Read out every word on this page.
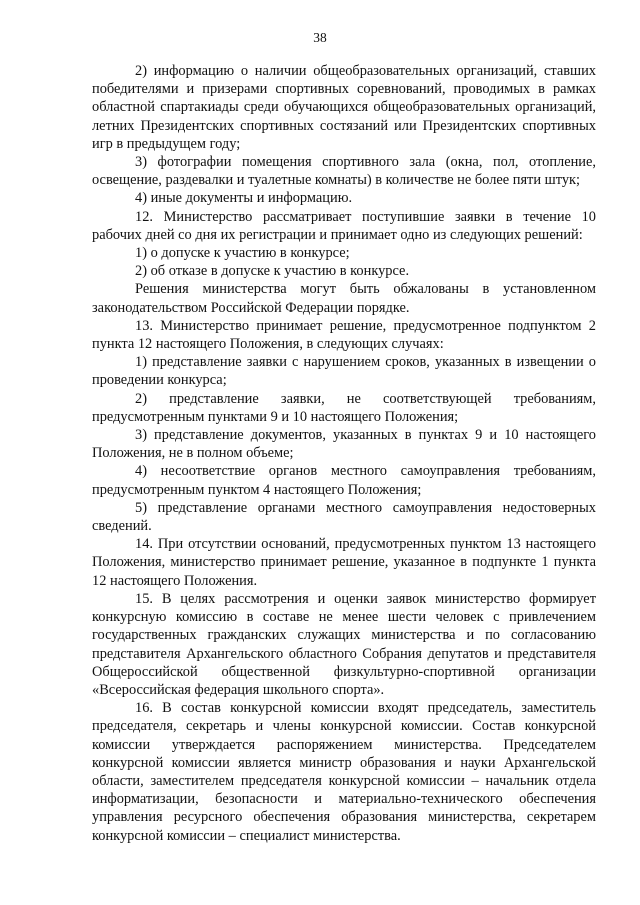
38

2) информацию о наличии общеобразовательных организаций, ставших победителями и призерами спортивных соревнований, проводимых в рамках областной спартакиады среди обучающихся общеобразовательных организаций, летних Президентских спортивных состязаний или Президентских спортивных игр в предыдущем году;

3) фотографии помещения спортивного зала (окна, пол, отопление, освещение, раздевалки и туалетные комнаты) в количестве не более пяти штук;

4) иные документы и информацию.

12. Министерство рассматривает поступившие заявки в течение 10 рабочих дней со дня их регистрации и принимает одно из следующих решений:

1) о допуске к участию в конкурсе;

2) об отказе в допуске к участию в конкурсе.

Решения министерства могут быть обжалованы в установленном законодательством Российской Федерации порядке.

13. Министерство принимает решение, предусмотренное подпунктом 2 пункта 12 настоящего Положения, в следующих случаях:

1) представление заявки с нарушением сроков, указанных в извещении о проведении конкурса;

2) представление заявки, не соответствующей требованиям, предусмотренным пунктами 9 и 10 настоящего Положения;

3) представление документов, указанных в пунктах 9 и 10 настоящего Положения, не в полном объеме;

4) несоответствие органов местного самоуправления требованиям, предусмотренным пунктом 4 настоящего Положения;

5) представление органами местного самоуправления недостоверных сведений.

14. При отсутствии оснований, предусмотренных пунктом 13 настоящего Положения, министерство принимает решение, указанное в подпункте 1 пункта 12 настоящего Положения.

15. В целях рассмотрения и оценки заявок министерство формирует конкурсную комиссию в составе не менее шести человек с привлечением государственных гражданских служащих министерства и по согласованию представителя Архангельского областного Собрания депутатов и представителя Общероссийской общественной физкультурно-спортивной организации «Всероссийская федерация школьного спорта».

16. В состав конкурсной комиссии входят председатель, заместитель председателя, секретарь и члены конкурсной комиссии. Состав конкурсной комиссии утверждается распоряжением министерства. Председателем конкурсной комиссии является министр образования и науки Архангельской области, заместителем председателя конкурсной комиссии – начальник отдела информатизации, безопасности и материально-технического обеспечения управления ресурсного обеспечения образования министерства, секретарем конкурсной комиссии – специалист министерства.
